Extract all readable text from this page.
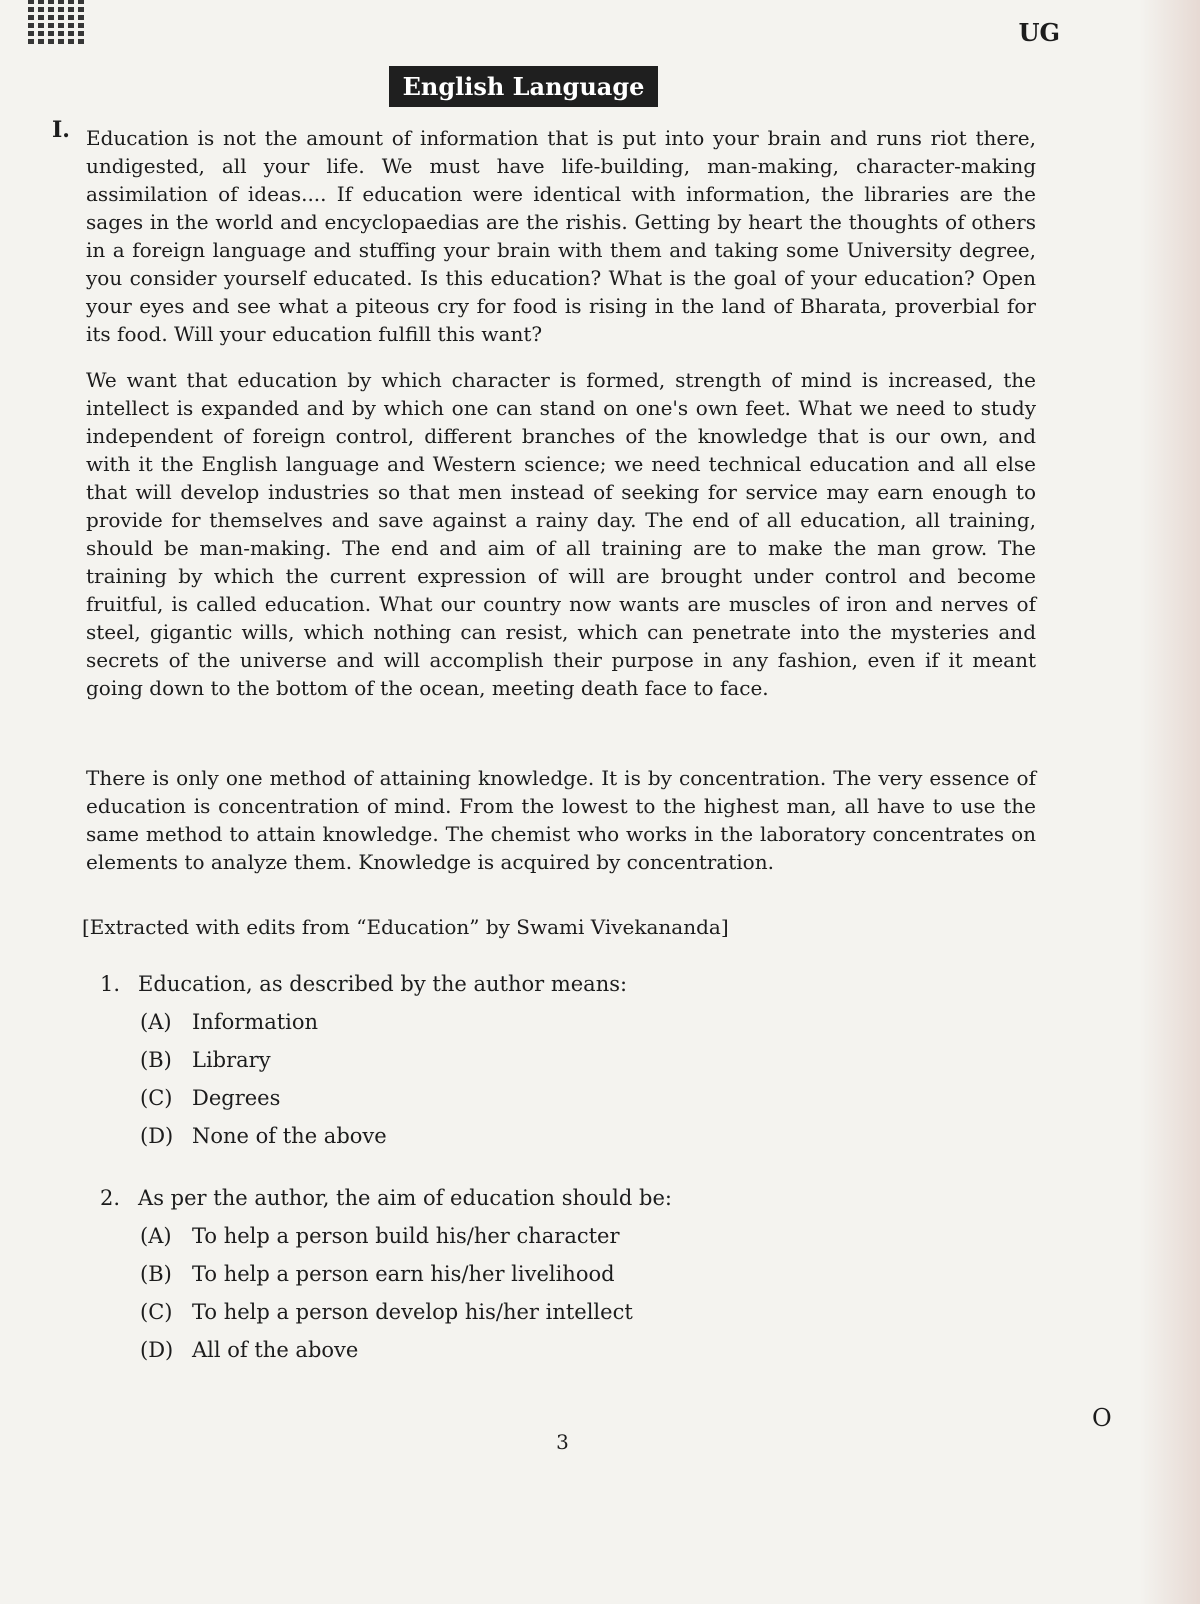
UG
English Language
I. Education is not the amount of information that is put into your brain and runs riot there, undigested, all your life. We must have life-building, man-making, character-making assimilation of ideas.... If education were identical with information, the libraries are the sages in the world and encyclopaedias are the rishis. Getting by heart the thoughts of others in a foreign language and stuffing your brain with them and taking some University degree, you consider yourself educated. Is this education? What is the goal of your education? Open your eyes and see what a piteous cry for food is rising in the land of Bharata, proverbial for its food. Will your education fulfill this want?

We want that education by which character is formed, strength of mind is increased, the intellect is expanded and by which one can stand on one's own feet. What we need to study independent of foreign control, different branches of the knowledge that is our own, and with it the English language and Western science; we need technical education and all else that will develop industries so that men instead of seeking for service may earn enough to provide for themselves and save against a rainy day. The end of all education, all training, should be man-making. The end and aim of all training are to make the man grow. The training by which the current expression of will are brought under control and become fruitful, is called education. What our country now wants are muscles of iron and nerves of steel, gigantic wills, which nothing can resist, which can penetrate into the mysteries and secrets of the universe and will accomplish their purpose in any fashion, even if it meant going down to the bottom of the ocean, meeting death face to face.

There is only one method of attaining knowledge. It is by concentration. The very essence of education is concentration of mind. From the lowest to the highest man, all have to use the same method to attain knowledge. The chemist who works in the laboratory concentrates on elements to analyze them. Knowledge is acquired by concentration.

[Extracted with edits from “Education” by Swami Vivekananda]
1. Education, as described by the author means:
(A) Information
(B) Library
(C) Degrees
(D) None of the above
2. As per the author, the aim of education should be:
(A) To help a person build his/her character
(B) To help a person earn his/her livelihood
(C) To help a person develop his/her intellect
(D) All of the above
3
O
